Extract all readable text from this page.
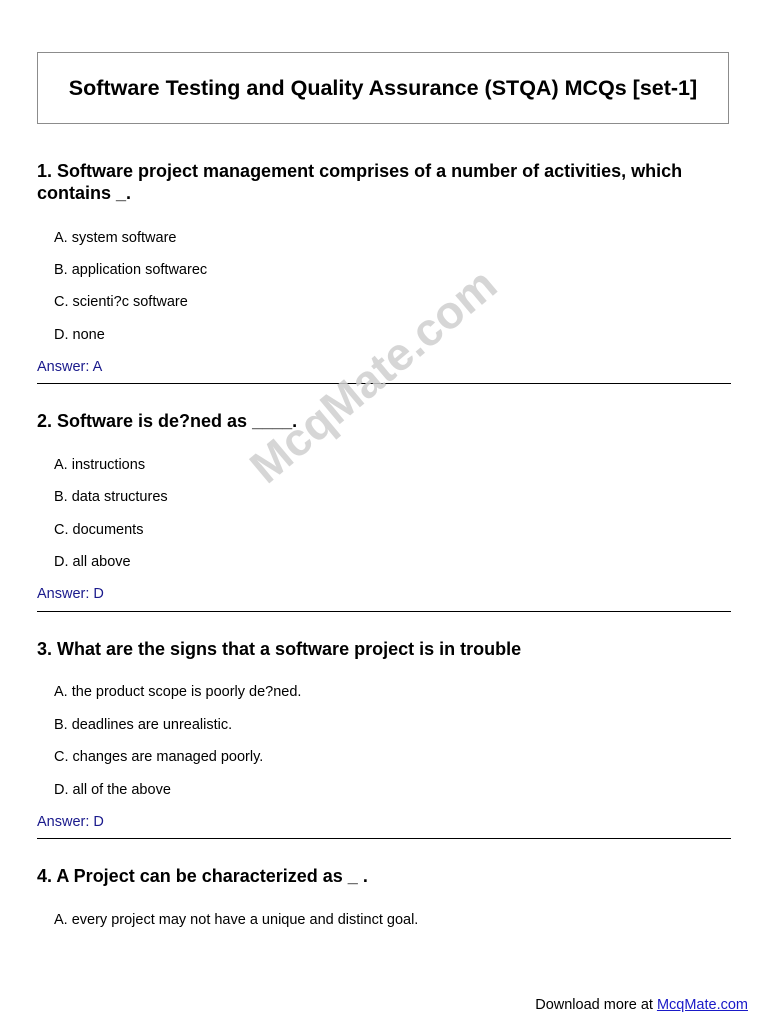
Software Testing and Quality Assurance (STQA) MCQs [set-1]

1. Software project management comprises of a number of activities, which contains _.

A. system software
B. application softwarec
C. scienti?c software
D. none
Answer: A

2. Software is de?ned as ____.

A. instructions
B. data structures
C. documents
D. all above
Answer: D

3. What are the signs that a software project is in trouble

A. the product scope is poorly de?ned.
B. deadlines are unrealistic.
C. changes are managed poorly.
D. all of the above
Answer: D

4. A Project can be characterized as _ .

A. every project may not have a unique and distinct goal.
McqMate.com
Download more at McqMate.com
